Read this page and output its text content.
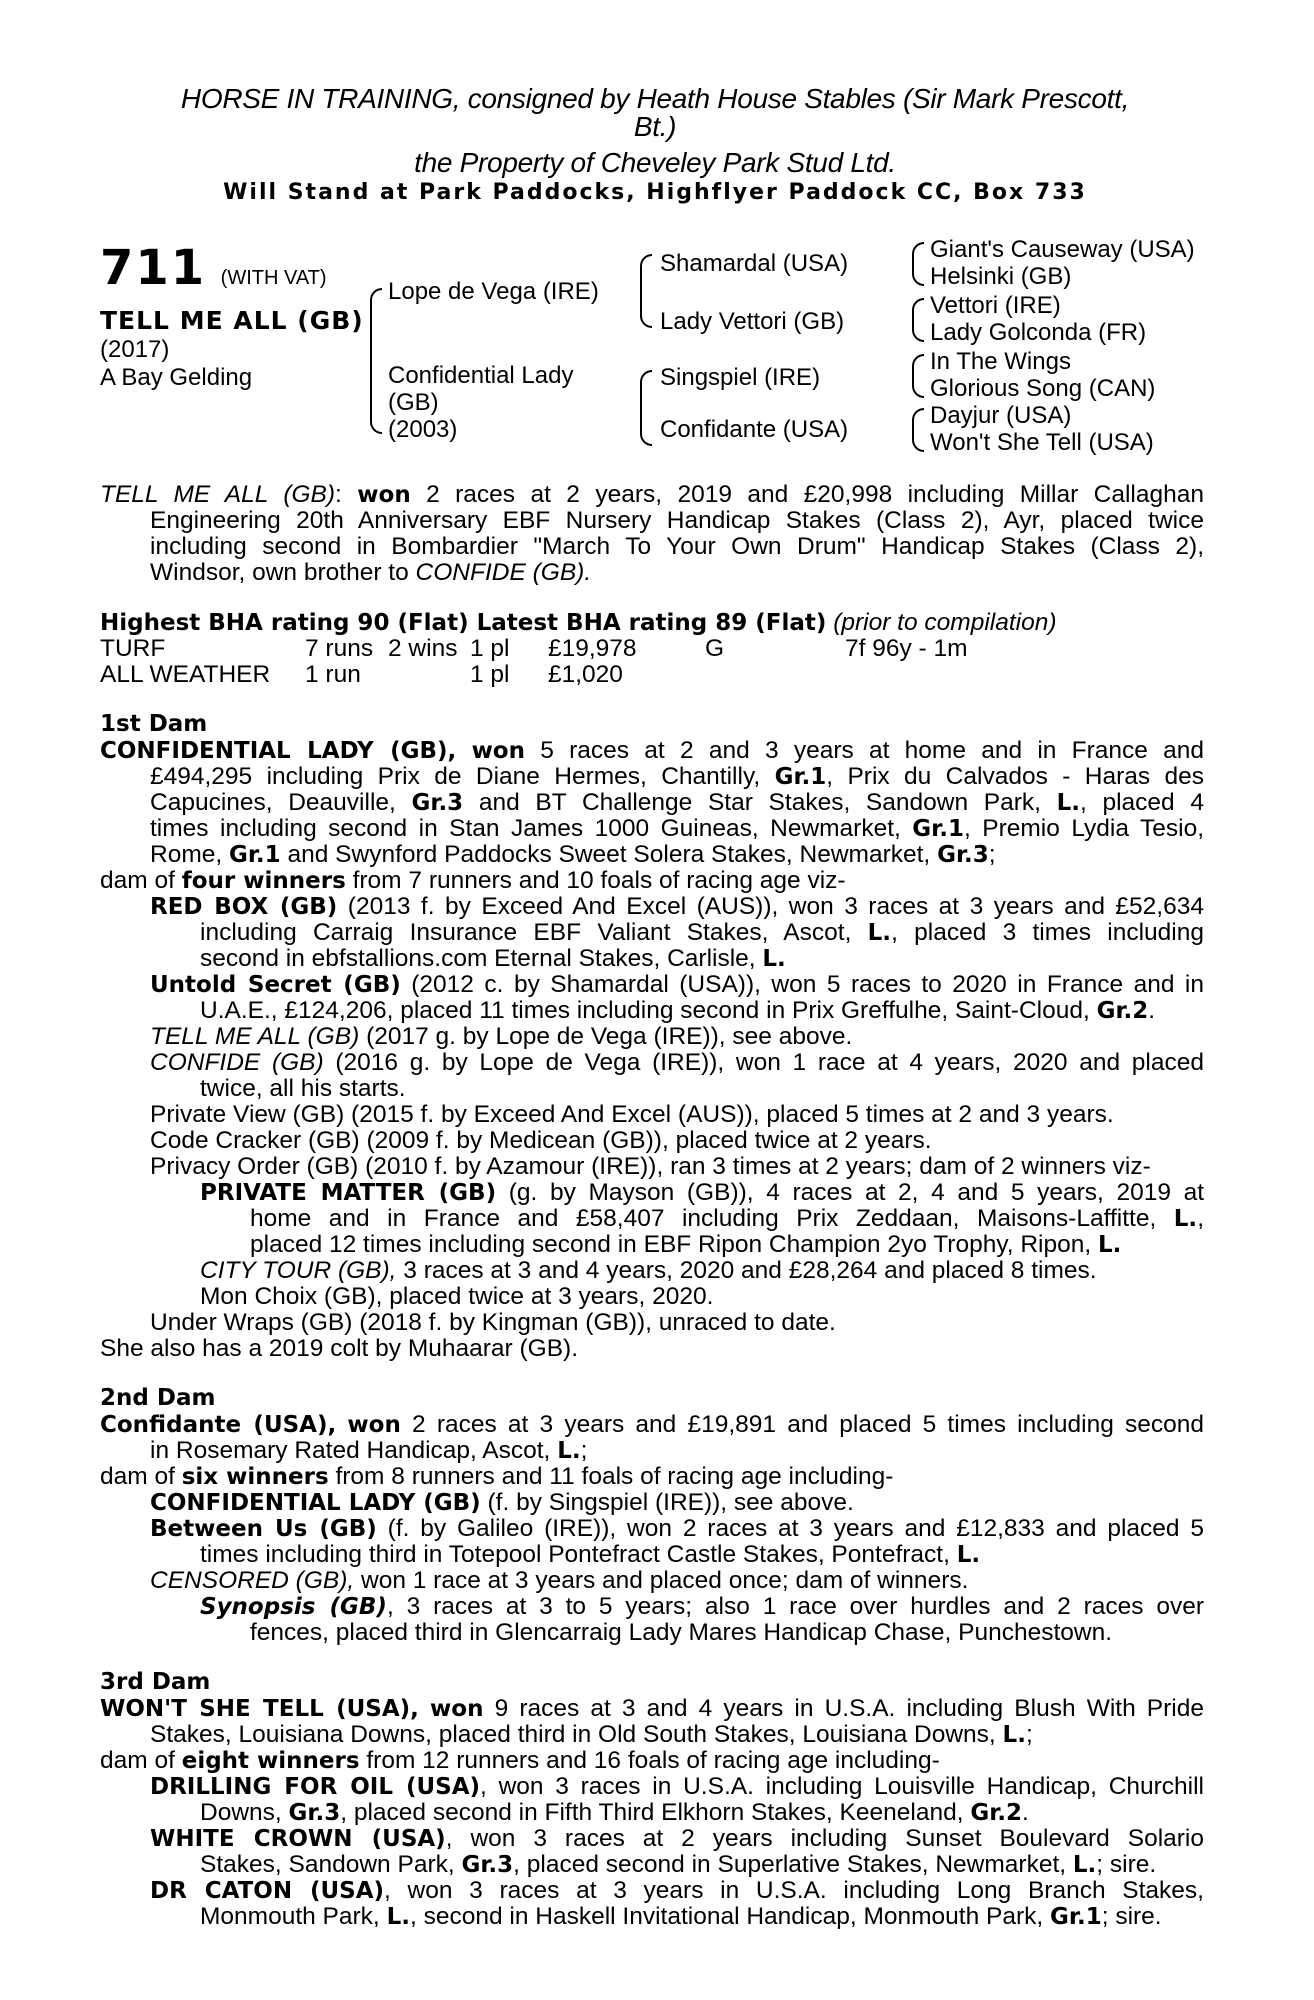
HORSE IN TRAINING, consigned by Heath House Stables (Sir Mark Prescott,
Bt.)
the Property of Cheveley Park Stud Ltd.
Will Stand at Park Paddocks, Highflyer Paddock CC, Box 733
711 (WITH VAT)
TELL ME ALL (GB)
(2017)
A Bay Gelding
Lope de Vega (IRE)
Confidential Lady
(GB)
(2003)
Shamardal (USA)
Lady Vettori (GB)
Singspiel (IRE)
Confidante (USA)
Giant's Causeway (USA)
Helsinki (GB)
Vettori (IRE)
Lady Golconda (FR)
In The Wings
Glorious Song (CAN)
Dayjur (USA)
Won't She Tell (USA)
TELL ME ALL (GB): won 2 races at 2 years, 2019 and £20,998 including Millar Callaghan
Engineering 20th Anniversary EBF Nursery Handicap Stakes (Class 2), Ayr, placed twice
including second in Bombardier "March To Your Own Drum" Handicap Stakes (Class 2),
Windsor, own brother to CONFIDE (GB).
Highest BHA rating 90 (Flat) Latest BHA rating 89 (Flat) (prior to compilation)
TURF	7 runs 2 wins 1 pl £19,978	G	7f 96y - 1m
ALL WEATHER 1 run	1 pl £1,020
1st Dam
CONFIDENTIAL LADY (GB), won 5 races at 2 and 3 years at home and in France and
£494,295 including Prix de Diane Hermes, Chantilly, Gr.1, Prix du Calvados - Haras des
Capucines, Deauville, Gr.3 and BT Challenge Star Stakes, Sandown Park, L., placed 4
times including second in Stan James 1000 Guineas, Newmarket, Gr.1, Premio Lydia Tesio,
Rome, Gr.1 and Swynford Paddocks Sweet Solera Stakes, Newmarket, Gr.3;
dam of four winners from 7 runners and 10 foals of racing age viz-
RED BOX (GB) (2013 f. by Exceed And Excel (AUS)), won 3 races at 3 years and £52,634
including Carraig Insurance EBF Valiant Stakes, Ascot, L., placed 3 times including
second in ebfstallions.com Eternal Stakes, Carlisle, L.
Untold Secret (GB) (2012 c. by Shamardal (USA)), won 5 races to 2020 in France and in
U.A.E., £124,206, placed 11 times including second in Prix Greffulhe, Saint-Cloud, Gr.2.
TELL ME ALL (GB) (2017 g. by Lope de Vega (IRE)), see above.
CONFIDE (GB) (2016 g. by Lope de Vega (IRE)), won 1 race at 4 years, 2020 and placed
twice, all his starts.
Private View (GB) (2015 f. by Exceed And Excel (AUS)), placed 5 times at 2 and 3 years.
Code Cracker (GB) (2009 f. by Medicean (GB)), placed twice at 2 years.
Privacy Order (GB) (2010 f. by Azamour (IRE)), ran 3 times at 2 years; dam of 2 winners viz-
PRIVATE MATTER (GB) (g. by Mayson (GB)), 4 races at 2, 4 and 5 years, 2019 at
home and in France and £58,407 including Prix Zeddaan, Maisons-Laffitte, L.,
placed 12 times including second in EBF Ripon Champion 2yo Trophy, Ripon, L.
CITY TOUR (GB), 3 races at 3 and 4 years, 2020 and £28,264 and placed 8 times.
Mon Choix (GB), placed twice at 3 years, 2020.
Under Wraps (GB) (2018 f. by Kingman (GB)), unraced to date.
She also has a 2019 colt by Muhaarar (GB).
2nd Dam
Confidante (USA), won 2 races at 3 years and £19,891 and placed 5 times including second
in Rosemary Rated Handicap, Ascot, L.;
dam of six winners from 8 runners and 11 foals of racing age including-
CONFIDENTIAL LADY (GB) (f. by Singspiel (IRE)), see above.
Between Us (GB) (f. by Galileo (IRE)), won 2 races at 3 years and £12,833 and placed 5
times including third in Totepool Pontefract Castle Stakes, Pontefract, L.
CENSORED (GB), won 1 race at 3 years and placed once; dam of winners.
Synopsis (GB), 3 races at 3 to 5 years; also 1 race over hurdles and 2 races over
fences, placed third in Glencarraig Lady Mares Handicap Chase, Punchestown.
3rd Dam
WON'T SHE TELL (USA), won 9 races at 3 and 4 years in U.S.A. including Blush With Pride
Stakes, Louisiana Downs, placed third in Old South Stakes, Louisiana Downs, L.;
dam of eight winners from 12 runners and 16 foals of racing age including-
DRILLING FOR OIL (USA), won 3 races in U.S.A. including Louisville Handicap, Churchill
Downs, Gr.3, placed second in Fifth Third Elkhorn Stakes, Keeneland, Gr.2.
WHITE CROWN (USA), won 3 races at 2 years including Sunset Boulevard Solario
Stakes, Sandown Park, Gr.3, placed second in Superlative Stakes, Newmarket, L.; sire.
DR CATON (USA), won 3 races at 3 years in U.S.A. including Long Branch Stakes,
Monmouth Park, L., second in Haskell Invitational Handicap, Monmouth Park, Gr.1; sire.
